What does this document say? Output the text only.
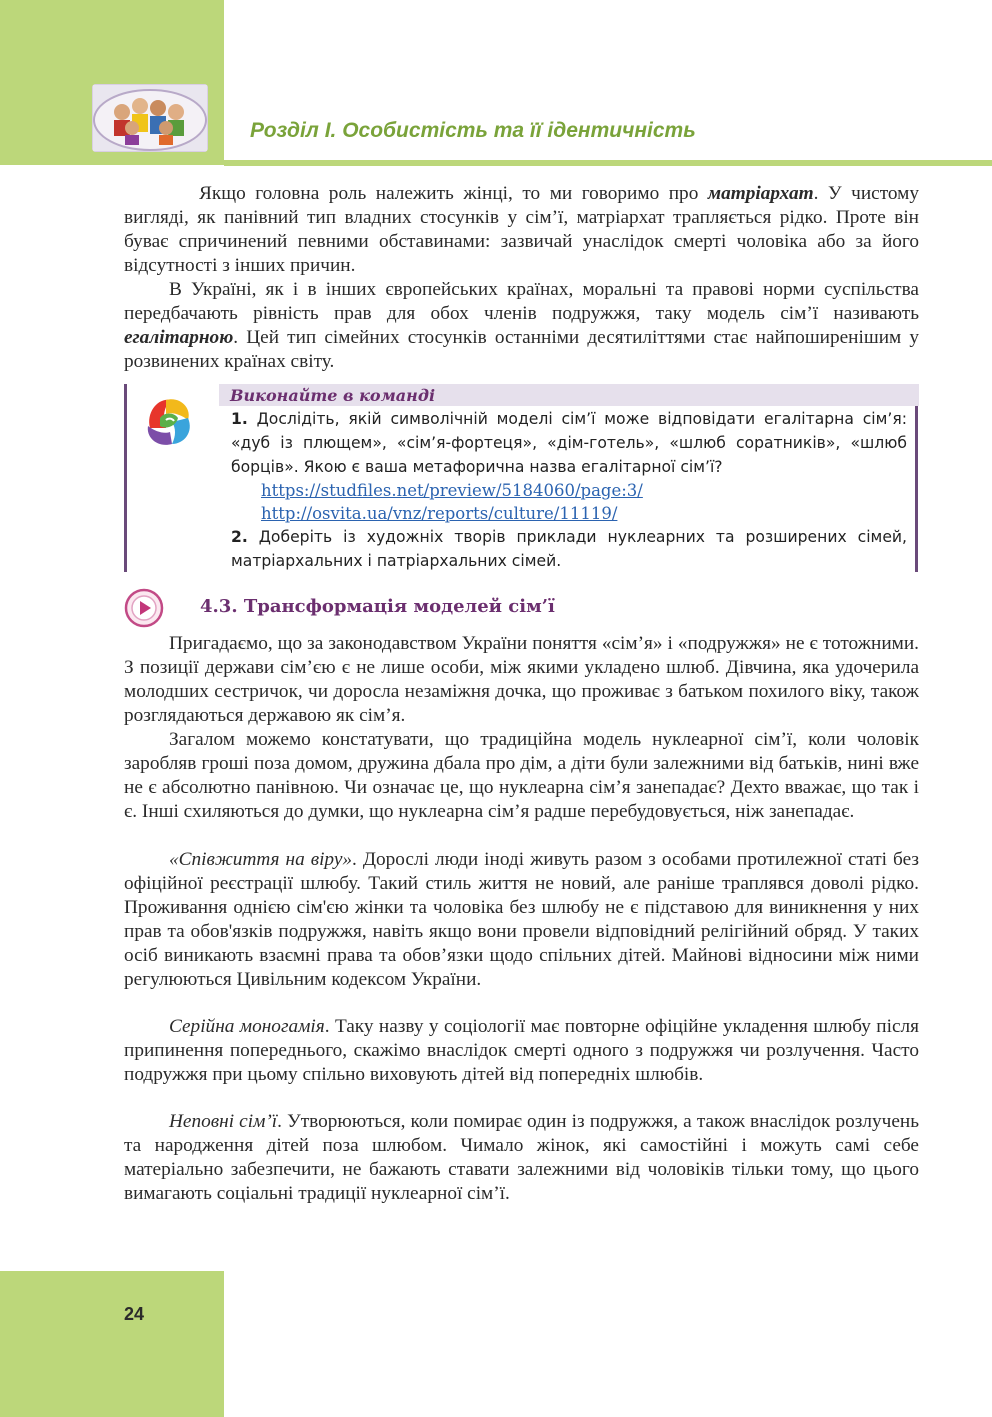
Розділ І. Особистість та її ідентичність

Якщо головна роль належить жінці, то ми говоримо про матріархат. У чистому вигляді, як панівний тип владних стосунків у сім’ї, матріархат трапляється рідко. Проте він буває спричинений певними обставинами: зазвичай унаслідок смерті чоловіка або за його відсутності з інших причин.

В Україні, як і в інших європейських країнах, моральні та правові норми суспільства передбачають рівність прав для обох членів подружжя, таку модель сім’ї називають егалітарною. Цей тип сімейних стосунків останніми десятиліттями стає найпоширенішим у розвинених країнах світу.

Виконайте в команді
1. Дослідіть, якій символічній моделі сім’ї може відповідати егалітарна сім’я: «дуб із плющем», «сім’я-фортеця», «дім-готель», «шлюб соратників», «шлюб борців». Якою є ваша метафорична назва егалітарної сім’ї?
https://studfiles.net/preview/5184060/page:3/
http://osvita.ua/vnz/reports/culture/11119/
2. Доберіть із художніх творів приклади нуклеарних та розширених сімей, матріархальних і патріархальних сімей.
4.3. Трансформація моделей сім’ї

Пригадаємо, що за законодавством України поняття «сім’я» і «подружжя» не є тотожними. З позиції держави сім’єю є не лише особи, між якими укладено шлюб. Дівчина, яка удочерила молодших сестричок, чи доросла незаміжня дочка, що проживає з батьком похилого віку, також розглядаються державою як сім’я.

Загалом можемо констатувати, що традиційна модель нуклеарної сім’ї, коли чоловік заробляв гроші поза домом, дружина дбала про дім, а діти були залежними від батьків, нині вже не є абсолютно панівною. Чи означає це, що нуклеарна сім’я занепадає? Дехто вважає, що так і є. Інші схиляються до думки, що нуклеарна сім’я радше перебудовується, ніж занепадає.

«Співжиття на віру». Дорослі люди іноді живуть разом з особами протилежної статі без офіційної реєстрації шлюбу. Такий стиль життя не новий, але раніше траплявся доволі рідко. Проживання однією сім'єю жінки та чоловіка без шлюбу не є підставою для виникнення у них прав та обов'язків подружжя, навіть якщо вони провели відповідний релігійний обряд. У таких осіб виникають взаємні права та обов’язки щодо спільних дітей. Майнові відносини між ними регулюються Цивільним кодексом України.

Серійна моногамія. Таку назву у соціології має повторне офіційне укладення шлюбу після припинення попереднього, скажімо внаслідок смерті одного з подружжя чи розлучення. Часто подружжя при цьому спільно виховують дітей від попередніх шлюбів.

Неповні сім’ї. Утворюються, коли помирає один із подружжя, а також внаслідок розлучень та народження дітей поза шлюбом. Чимало жінок, які самостійні і можуть самі себе матеріально забезпечити, не бажають ставати залежними від чоловіків тільки тому, що цього вимагають соціальні традиції нуклеарної сім’ї.

24
